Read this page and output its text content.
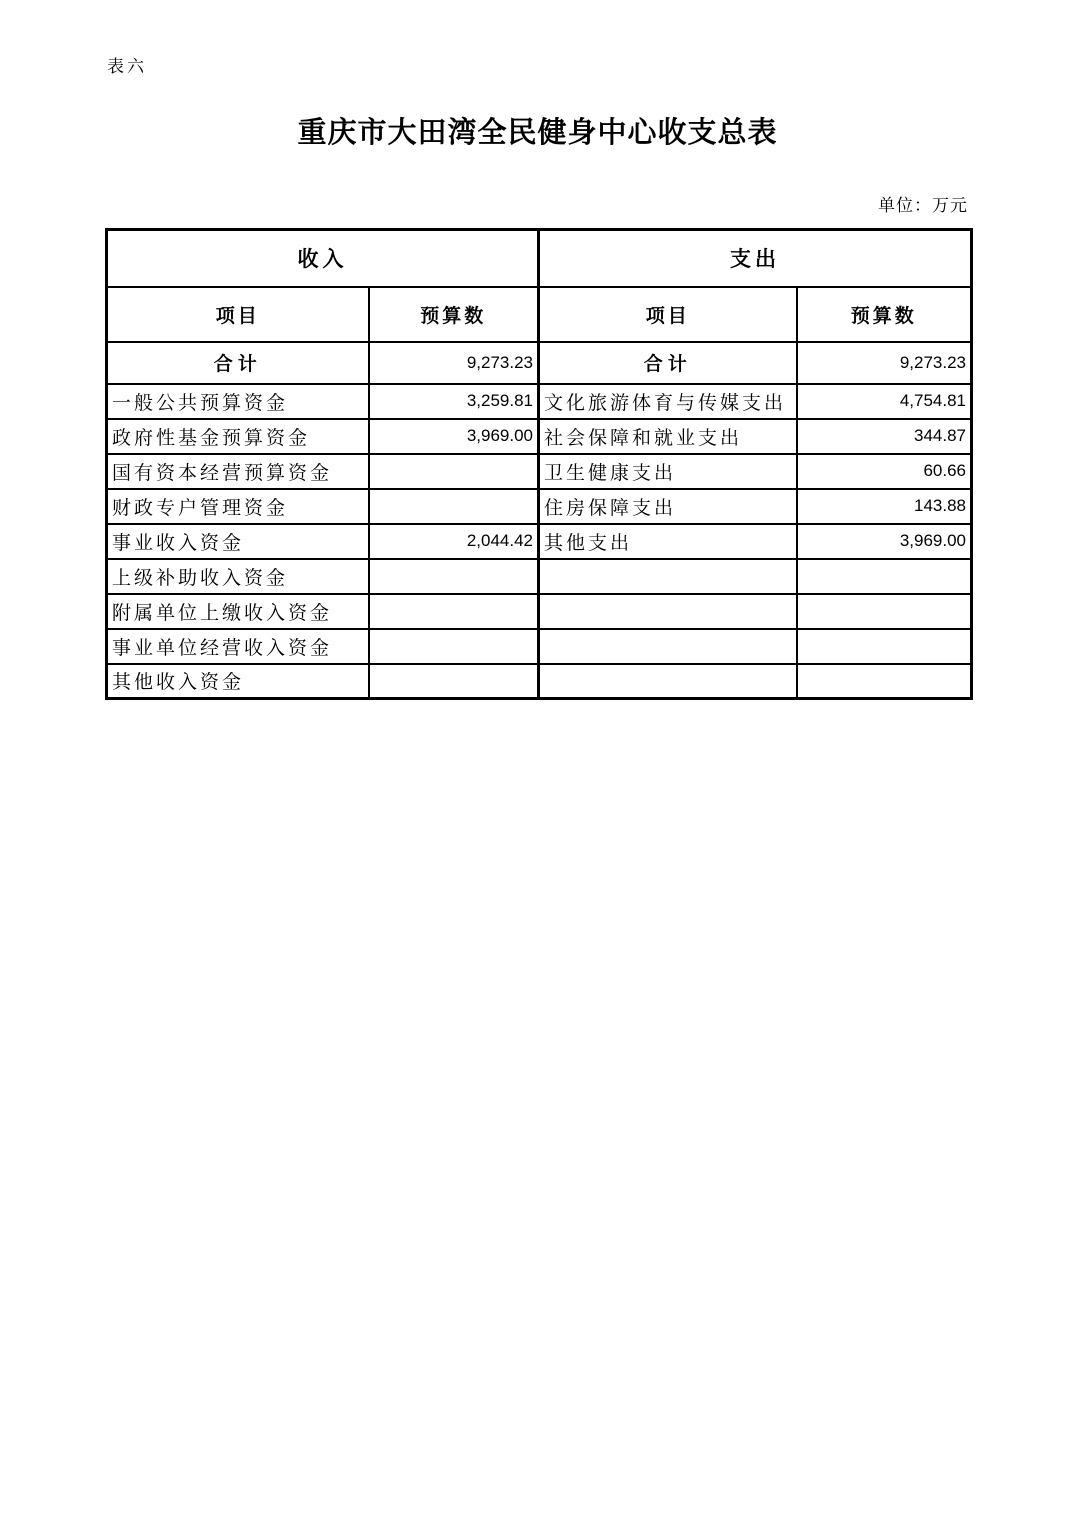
表六
重庆市大田湾全民健身中心收支总表
单位：万元
收入		支出	
项目	预算数	项目	预算数
合计	9,273.23	合计	9,273.23
一般公共预算资金	3,259.81	文化旅游体育与传媒支出	4,754.81
政府性基金预算资金	3,969.00	社会保障和就业支出	344.87
国有资本经营预算资金		卫生健康支出	60.66
财政专户管理资金		住房保障支出	143.88
事业收入资金	2,044.42	其他支出	3,969.00
上级补助收入资金			
附属单位上缴收入资金			
事业单位经营收入资金			
其他收入资金			
